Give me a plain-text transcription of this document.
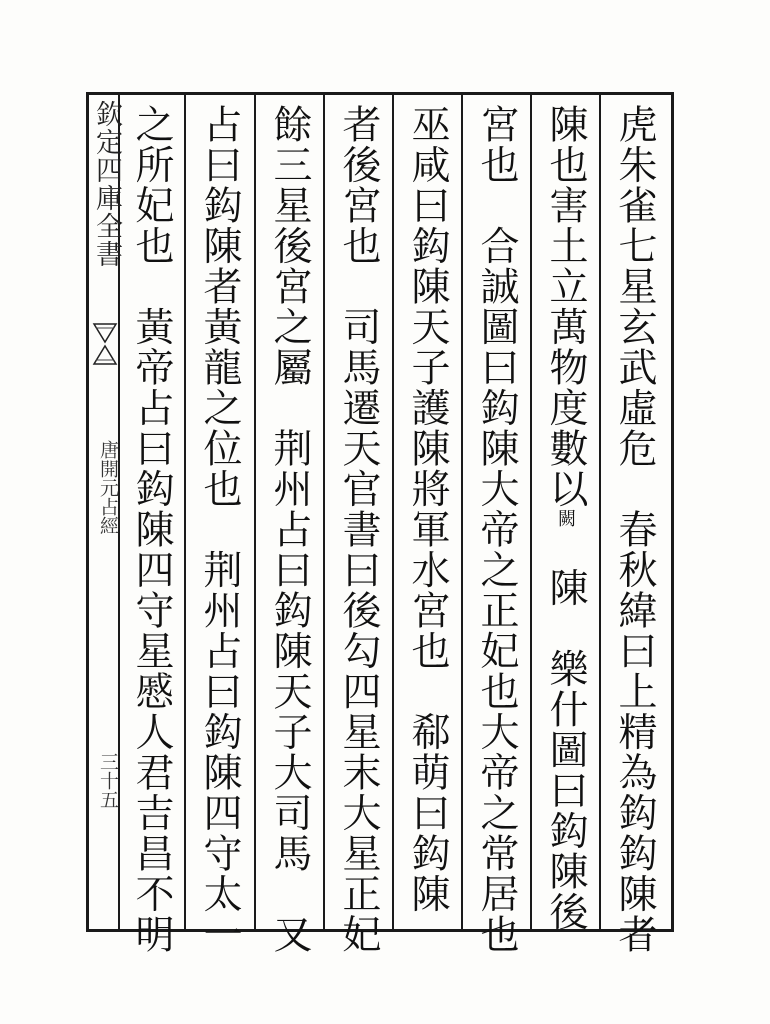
欽定四庫全書
唐開元占經
三十五	虎朱雀七星玄武虛危　春秋緯曰上精為鈎鈎陳者
陳也害土立萬物度數以闕　陳　樂什圖曰鈎陳後
宮也　合誠圖曰鈎陳大帝之正妃也大帝之常居也
巫咸曰鈎陳天子護陳將軍水宮也　郗萌曰鈎陳
者後宮也　司馬遷天官書曰後勾四星末大星正妃
餘三星後宮之屬　荆州占曰鈎陳天子大司馬　又
占曰鈎陳者黃龍之位也　荆州占曰鈎陳四守太一
之所妃也　黃帝占曰鈎陳四守星慼人君吉昌不明
